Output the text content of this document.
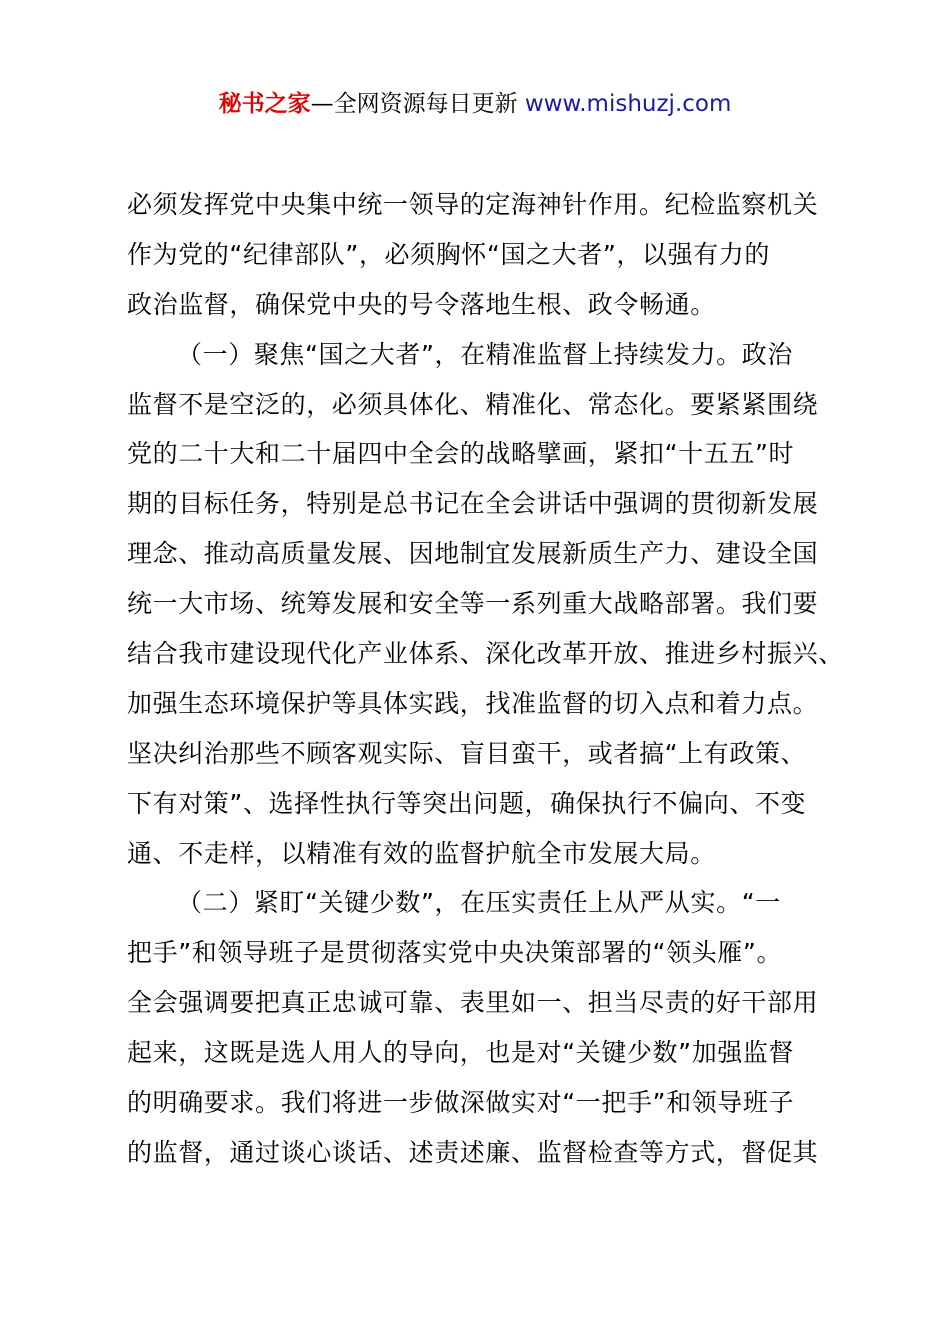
秘书之家—全网资源每日更新 www.mishuzj.com
必须发挥党中央集中统一领导的定海神针作用。纪检监察机关
作为党的“纪律部队”，必须胸怀“国之大者”，以强有力的
政治监督，确保党中央的号令落地生根、政令畅通。
（一）聚焦“国之大者”，在精准监督上持续发力。政治
监督不是空泛的，必须具体化、精准化、常态化。要紧紧围绕
党的二十大和二十届四中全会的战略擘画，紧扣“十五五”时
期的目标任务，特别是总书记在全会讲话中强调的贯彻新发展
理念、推动高质量发展、因地制宜发展新质生产力、建设全国
统一大市场、统筹发展和安全等一系列重大战略部署。我们要
结合我市建设现代化产业体系、深化改革开放、推进乡村振兴、
加强生态环境保护等具体实践，找准监督的切入点和着力点。
坚决纠治那些不顾客观实际、盲目蛮干，或者搞“上有政策、
下有对策”、选择性执行等突出问题，确保执行不偏向、不变
通、不走样，以精准有效的监督护航全市发展大局。
（二）紧盯“关键少数”，在压实责任上从严从实。“一
把手”和领导班子是贯彻落实党中央决策部署的“领头雁”。
全会强调要把真正忠诚可靠、表里如一、担当尽责的好干部用
起来，这既是选人用人的导向，也是对“关键少数”加强监督
的明确要求。我们将进一步做深做实对“一把手”和领导班子
的监督，通过谈心谈话、述责述廉、监督检查等方式，督促其
